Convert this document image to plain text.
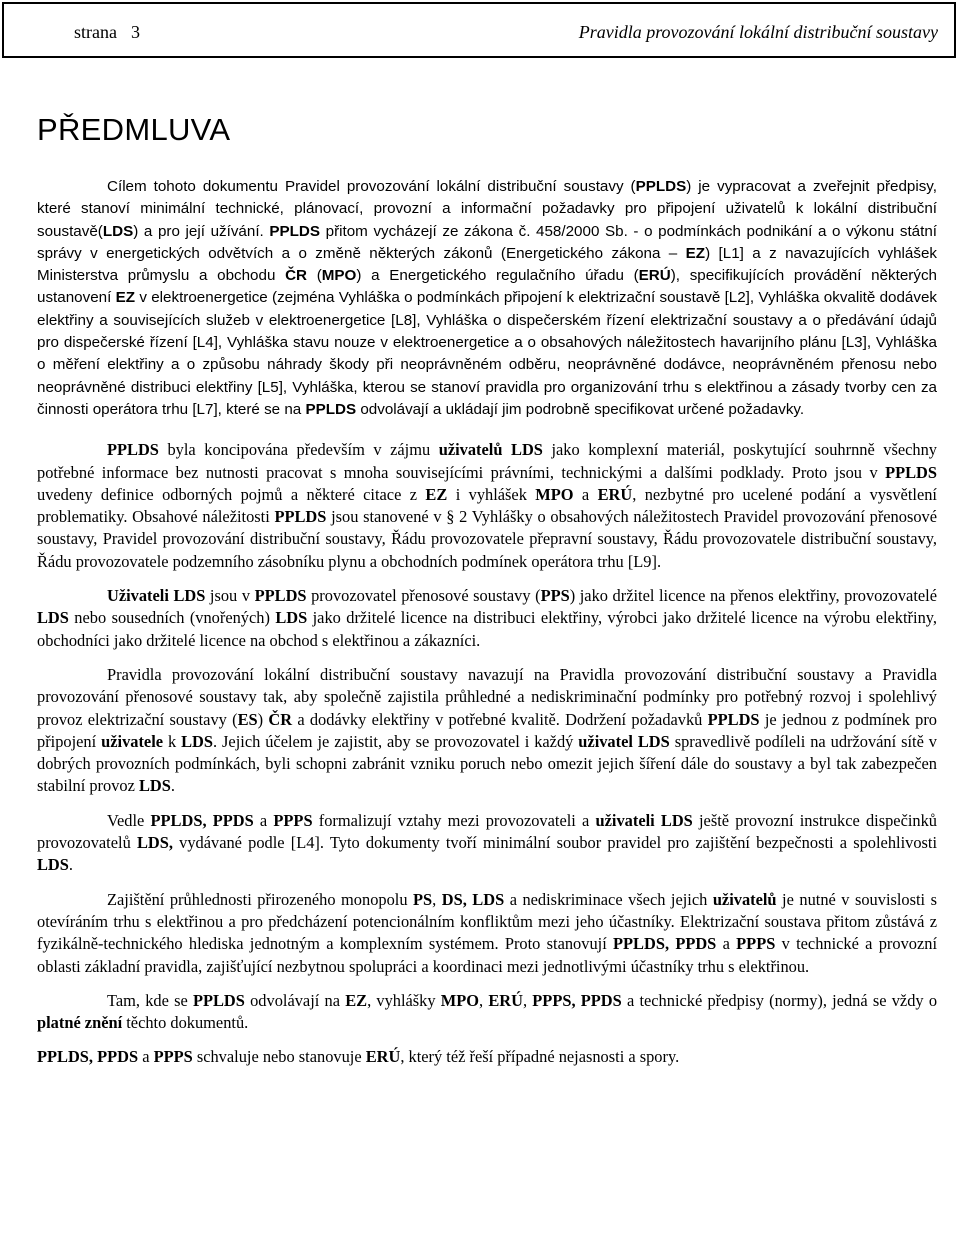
strana 3	Pravidla provozování lokální distribuční soustavy
PŘEDMLUVA

Cílem tohoto dokumentu Pravidel provozování lokální distribuční soustavy (PPLDS) je vypracovat a zveřejnit předpisy, které stanoví minimální technické, plánovací, provozní a informační požadavky pro připojení uživatelů k lokální distribuční soustavě(LDS) a pro její užívání. PPLDS přitom vycházejí ze zákona č. 458/2000 Sb. - o podmínkách podnikání a o výkonu státní správy v energetických odvětvích a o změně některých zákonů (Energetického zákona – EZ) [L1] a z navazujících vyhlášek Ministerstva průmyslu a obchodu ČR (MPO) a Energetického regulačního úřadu (ERÚ), specifikujících provádění některých ustanovení EZ v elektroenergetice (zejména Vyhláška o podmínkách připojení k elektrizační soustavě [L2], Vyhláška okvalitě dodávek elektřiny a souvisejících služeb v elektroenergetice [L8], Vyhláška o dispečerském řízení elektrizační soustavy a o předávání údajů pro dispečerské řízení [L4], Vyhláška stavu nouze v elektroenergetice a o obsahových náležitostech havarijního plánu [L3], Vyhláška o měření elektřiny a o způsobu náhrady škody při neoprávněném odběru, neoprávněné dodávce, neoprávněném přenosu nebo neoprávněné distribuci elektřiny [L5], Vyhláška, kterou se stanoví pravidla pro organizování trhu s elektřinou a zásady tvorby cen za činnosti operátora trhu [L7], které se na PPLDS odvolávají a ukládají jim podrobně specifikovat určené požadavky.

PPLDS byla koncipována především v zájmu uživatelů LDS jako komplexní materiál, poskytující souhrnně všechny potřebné informace bez nutnosti pracovat s mnoha souvisejícími právními, technickými a dalšími podklady. Proto jsou v PPLDS uvedeny definice odborných pojmů a některé citace z EZ i vyhlášek MPO a ERÚ, nezbytné pro ucelené podání a vysvětlení problematiky. Obsahové náležitosti PPLDS jsou stanovené v § 2 Vyhlášky o obsahových náležitostech Pravidel provozování přenosové soustavy, Pravidel provozování distribuční soustavy, Řádu provozovatele přepravní soustavy, Řádu provozovatele distribuční soustavy, Řádu provozovatele podzemního zásobníku plynu a obchodních podmínek operátora trhu [L9].

Uživateli LDS jsou v PPLDS provozovatel přenosové soustavy (PPS) jako držitel licence na přenos elektřiny, provozovatelé LDS nebo sousedních (vnořených) LDS jako držitelé licence na distribuci elektřiny, výrobci jako držitelé licence na výrobu elektřiny, obchodníci jako držitelé licence na obchod s elektřinou a zákazníci.

Pravidla provozování lokální distribuční soustavy navazují na Pravidla provozování distribuční soustavy a Pravidla provozování přenosové soustavy tak, aby společně zajistila průhledné a nediskriminační podmínky pro potřebný rozvoj i spolehlivý provoz elektrizační soustavy (ES) ČR a dodávky elektřiny v potřebné kvalitě. Dodržení požadavků PPLDS je jednou z podmínek pro připojení uživatele k LDS. Jejich účelem je zajistit, aby se provozovatel i každý uživatel LDS spravedlivě podíleli na udržování sítě v dobrých provozních podmínkách, byli schopni zabránit vzniku poruch nebo omezit jejich šíření dále do soustavy a byl tak zabezpečen stabilní provoz LDS.

Vedle PPLDS, PPDS a PPPS formalizují vztahy mezi provozovateli a uživateli LDS ještě provozní instrukce dispečinků provozovatelů LDS, vydávané podle [L4]. Tyto dokumenty tvoří minimální soubor pravidel pro zajištění bezpečnosti a spolehlivosti LDS.

Zajištění průhlednosti přirozeného monopolu PS, DS, LDS a nediskriminace všech jejich uživatelů je nutné v souvislosti s otevíráním trhu s elektřinou a pro předcházení potencionálním konfliktům mezi jeho účastníky. Elektrizační soustava přitom zůstává z fyzikálně-technického hlediska jednotným a komplexním systémem. Proto stanovují PPLDS, PPDS a PPPS v technické a provozní oblasti základní pravidla, zajišťující nezbytnou spolupráci a koordinaci mezi jednotlivými účastníky trhu s elektřinou.

Tam, kde se PPLDS odvolávají na EZ, vyhlášky MPO, ERÚ, PPPS, PPDS a technické předpisy (normy), jedná se vždy o platné znění těchto dokumentů.

PPLDS, PPDS a PPPS schvaluje nebo stanovuje ERÚ, který též řeší případné nejasnosti a spory.
